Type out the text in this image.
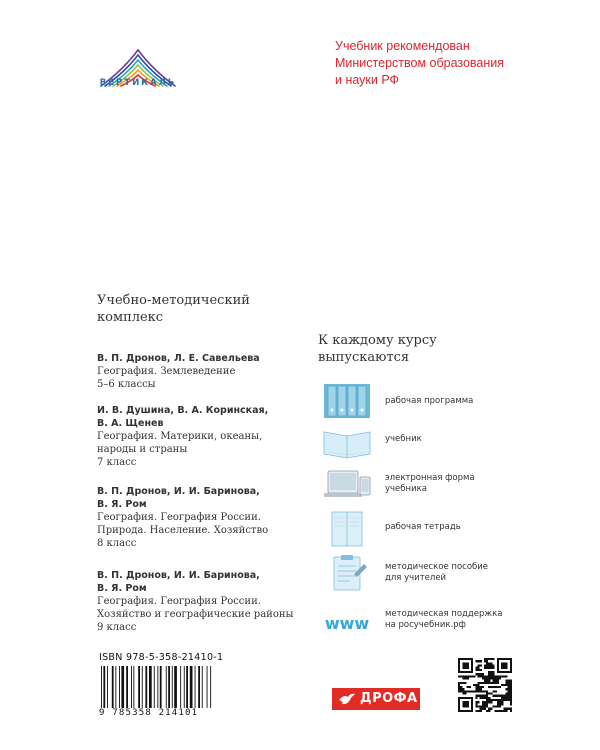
ВЕРТИКАЛЬ
Учебник рекомендован
Министерством образования
и науки РФ
Учебно-методический
комплекс
В. П. Дронов, Л. Е. Савельева
География. Землеведение
5–6 классы
И. В. Душина, В. А. Коринская,
В. А. Щенев
География. Материки, океаны,
народы и страны
7 класс
В. П. Дронов, И. И. Баринова,
В. Я. Ром
География. География России.
Природа. Население. Хозяйство
8 класс
В. П. Дронов, И. И. Баринова,
В. Я. Ром
География. География России.
Хозяйство и географические районы
9 класс
К каждому курсу
выпускаются
рабочая программа
учебник
электронная форма
учебника
рабочая тетрадь
методическое пособие
для учителей
www методическая поддержка
на росучебник.рф
ISBN 978-5-358-21410-1
9 785358 214101
ДРОФА
